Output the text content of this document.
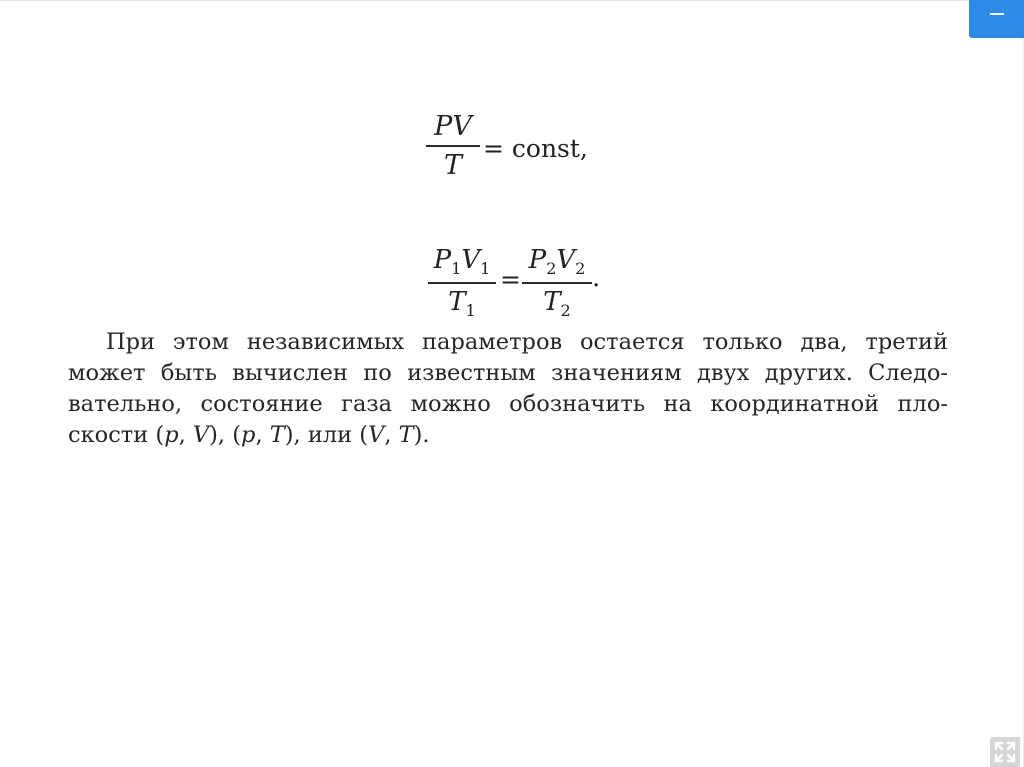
PV
T
= const,
$P_1V_1$
$T_1$
=
$P_2V_2$
$T_2$
.
При этом независимых параметров остается только два, третий
может быть вычислен по известным значениям двух других. Следо-
вательно, состояние газа можно обозначить на координатной пло-
скости (p, V), (p, T), или (V, T).
